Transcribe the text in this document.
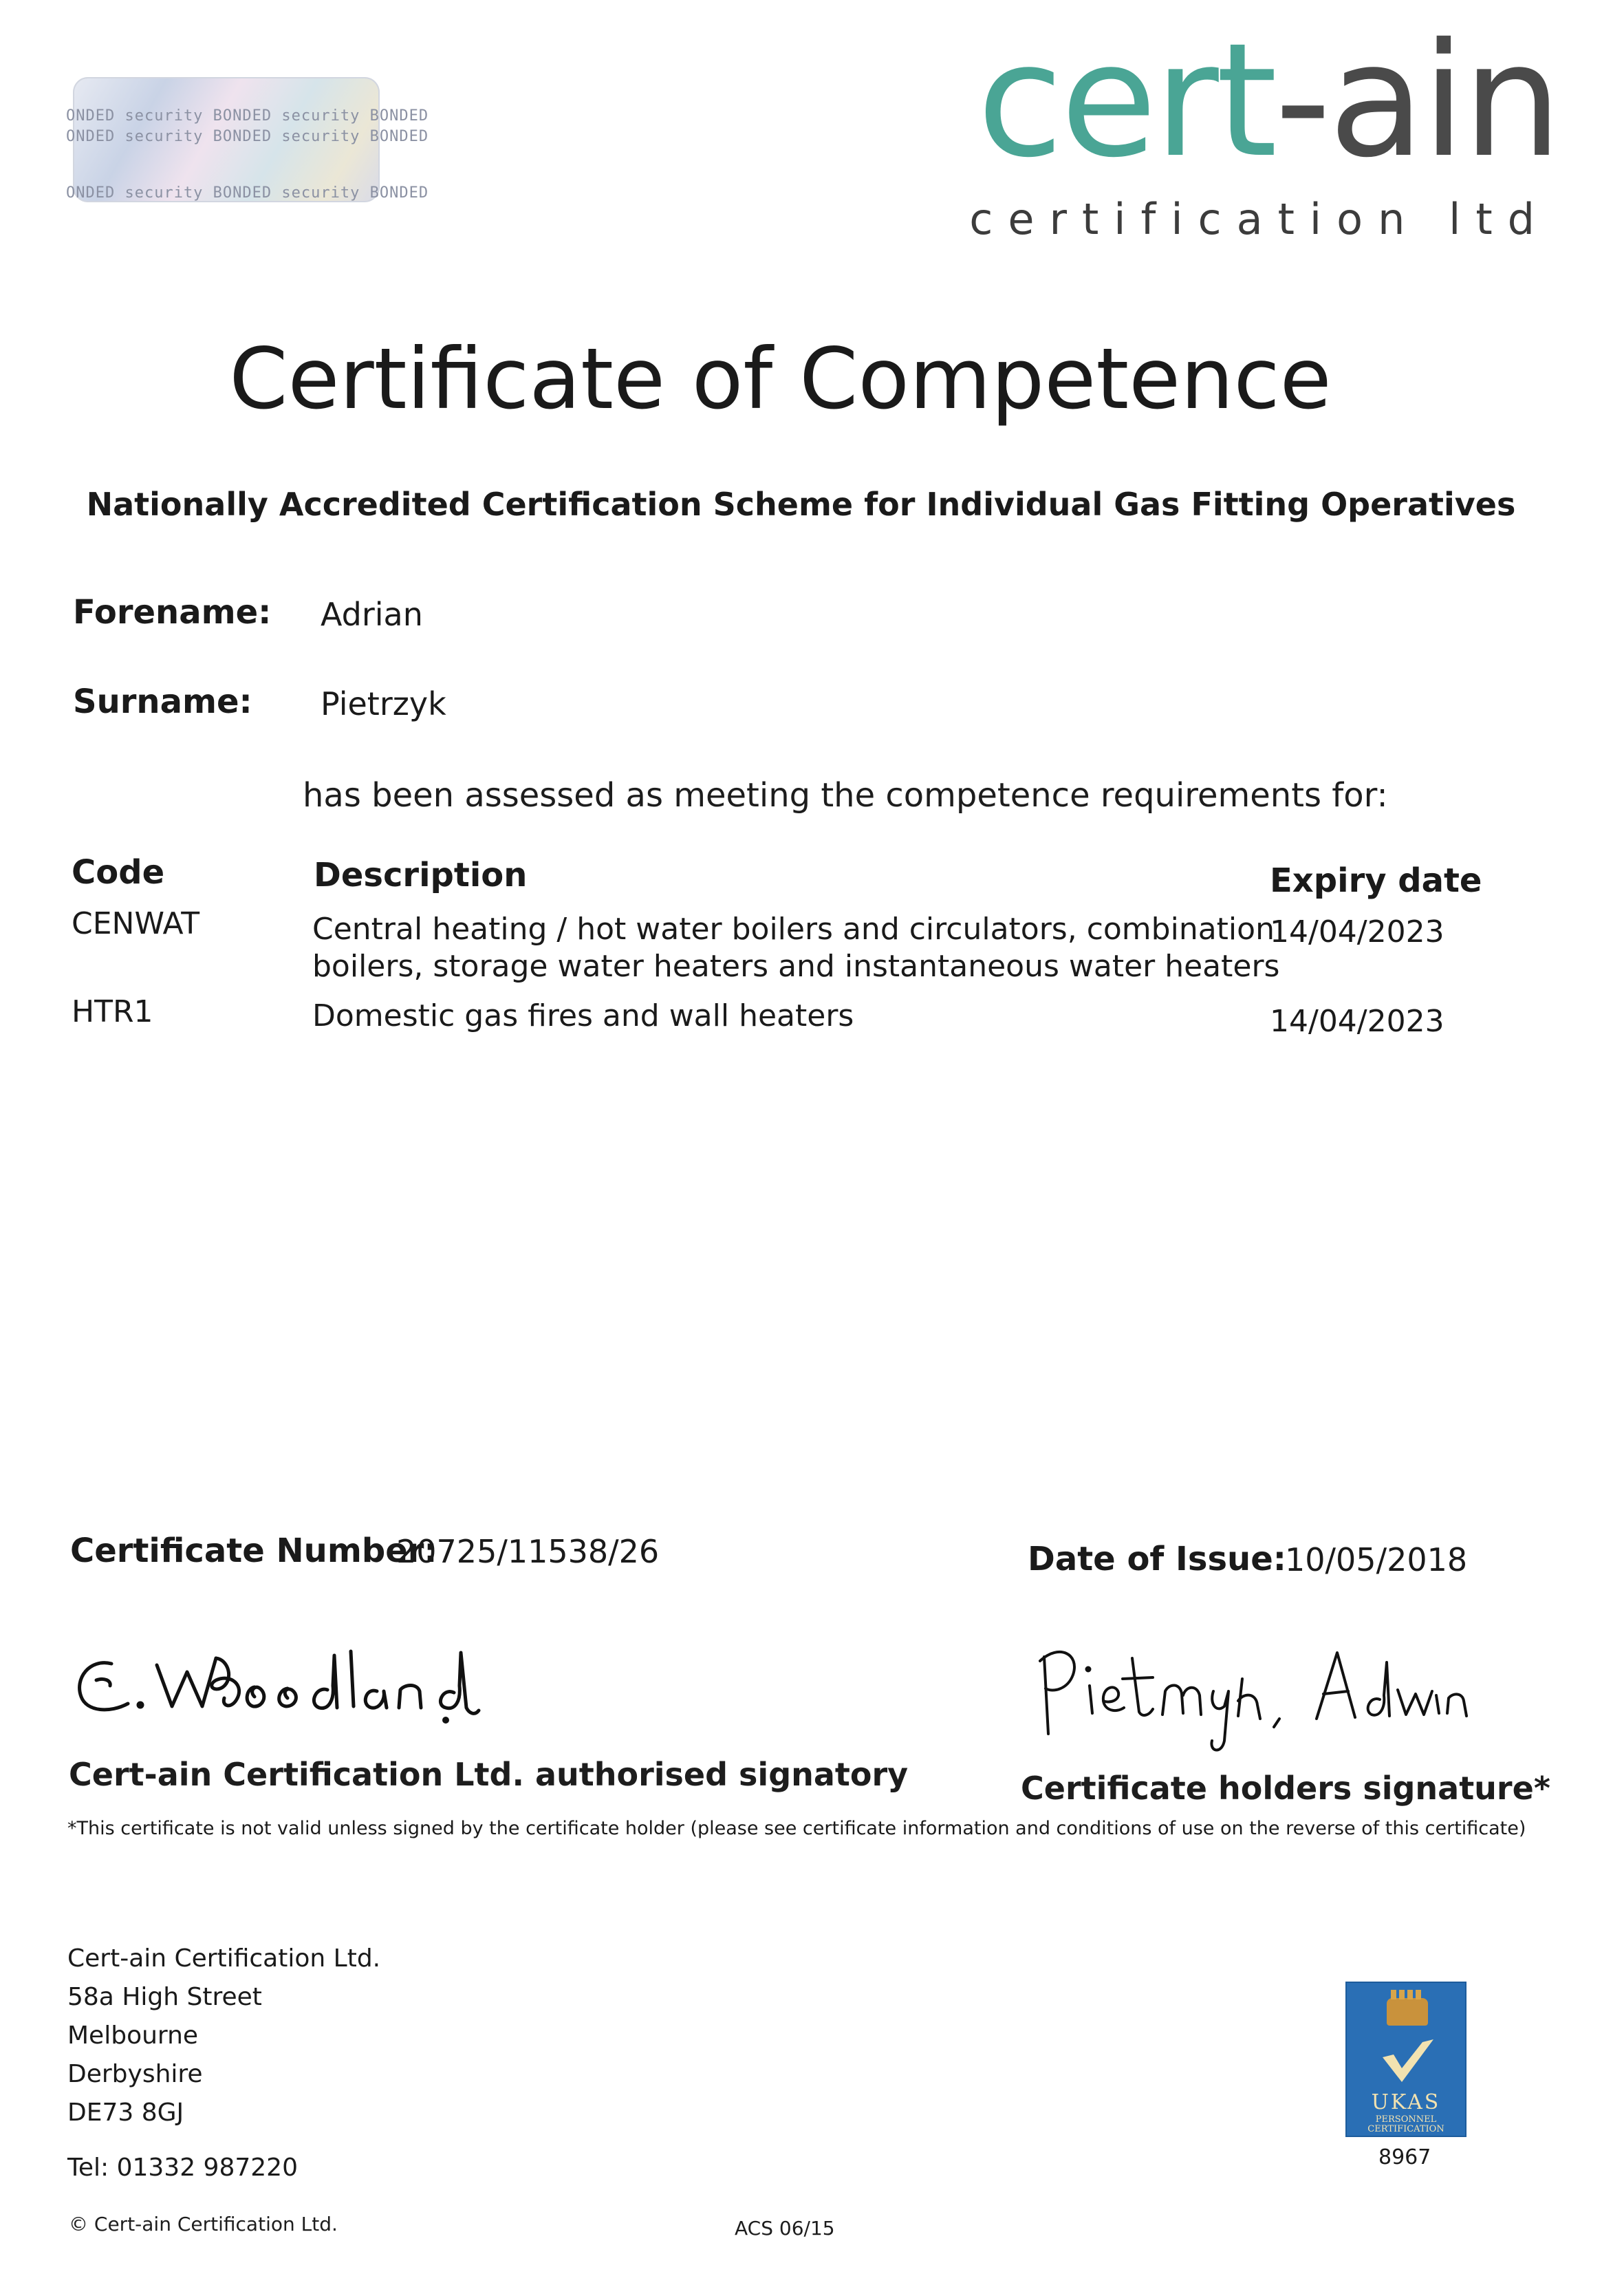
ONDED security BONDED security BONDED
ONDED security BONDED security BONDED
ONDED security BONDED security BONDED
cert-ain
certification ltd
Certificate of Competence
Nationally Accredited Certification Scheme for Individual Gas Fitting Operatives
Forename: Adrian
Surname: Pietrzyk
has been assessed as meeting the competence requirements for:
Code	Description	Expiry date
CENWAT	Central heating / hot water boilers and circulators, combination
boilers, storage water heaters and instantaneous water heaters
14/04/2023
HTR1	Domestic gas fires and wall heaters	14/04/2023
Certificate Number:
20725/11538/26	Date of Issue:
10/05/2018
Cert-ain Certification Ltd. authorised signatory	Certificate holders signature*
*This certificate is not valid unless signed by the certificate holder (please see certificate information and conditions of use on the reverse of this certificate)
Cert-ain Certification Ltd.
58a High Street
Melbourne
Derbyshire
DE73 8GJ
Tel: 01332 987220
UKAS
PERSONNEL
CERTIFICATION
8967
© Cert-ain Certification Ltd.	ACS 06/15
